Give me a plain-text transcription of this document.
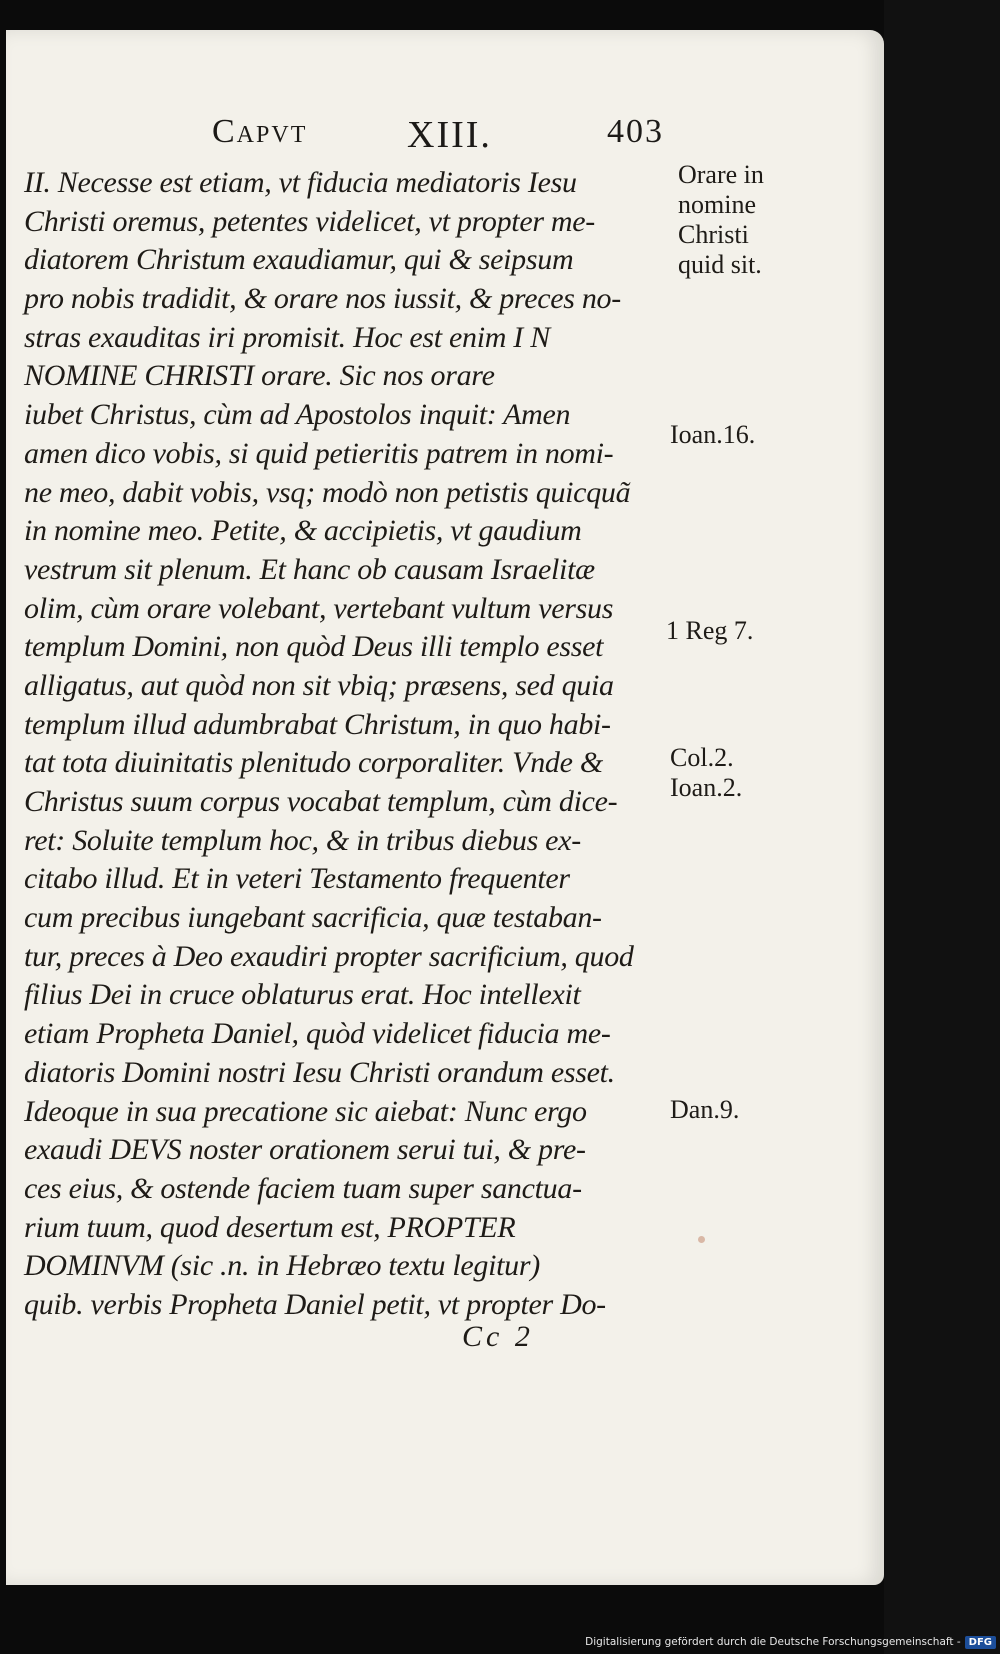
Capvt	XIII.	403
II. Necesse est etiam, vt fiducia mediatoris Iesu
Christi oremus, petentes videlicet, vt propter me-
diatorem Christum exaudiamur, qui & seipsum
pro nobis tradidit, & orare nos iussit, & preces no-
stras exauditas iri promisit. Hoc est enim I N
NOMINE CHRISTI orare. Sic nos orare
iubet Christus, cùm ad Apostolos inquit: Amen
amen dico vobis, si quid petieritis patrem in nomi-
ne meo, dabit vobis, vsq; modò non petistis quicquã
in nomine meo. Petite, & accipietis, vt gaudium
vestrum sit plenum. Et hanc ob causam Israelitæ
olim, cùm orare volebant, vertebant vultum versus
templum Domini, non quòd Deus illi templo esset
alligatus, aut quòd non sit vbiq; præsens, sed quia
templum illud adumbrabat Christum, in quo habi-
tat tota diuinitatis plenitudo corporaliter. Vnde &
Christus suum corpus vocabat templum, cùm dice-
ret: Soluite templum hoc, & in tribus diebus ex-
citabo illud. Et in veteri Testamento frequenter
cum precibus iungebant sacrificia, quæ testaban-
tur, preces à Deo exaudiri propter sacrificium, quod
filius Dei in cruce oblaturus erat. Hoc intellexit
etiam Propheta Daniel, quòd videlicet fiducia me-
diatoris Domini nostri Iesu Christi orandum esset.
Ideoque in sua precatione sic aiebat: Nunc ergo
exaudi DEVS noster orationem serui tui, & pre-
ces eius, & ostende faciem tuam super sanctua-
rium tuum, quod desertum est, PROPTER
DOMINVM (sic .n. in Hebræo textu legitur)
quib. verbis Propheta Daniel petit, vt propter Do-
Orare in
nomine
Christi
quid sit.
Ioan.16.
1 Reg 7.
Col.2.
Ioan.2.
Dan.9.
Cc 2
Digitalisierung gefördert durch die Deutsche Forschungsgemeinschaft - DFG
